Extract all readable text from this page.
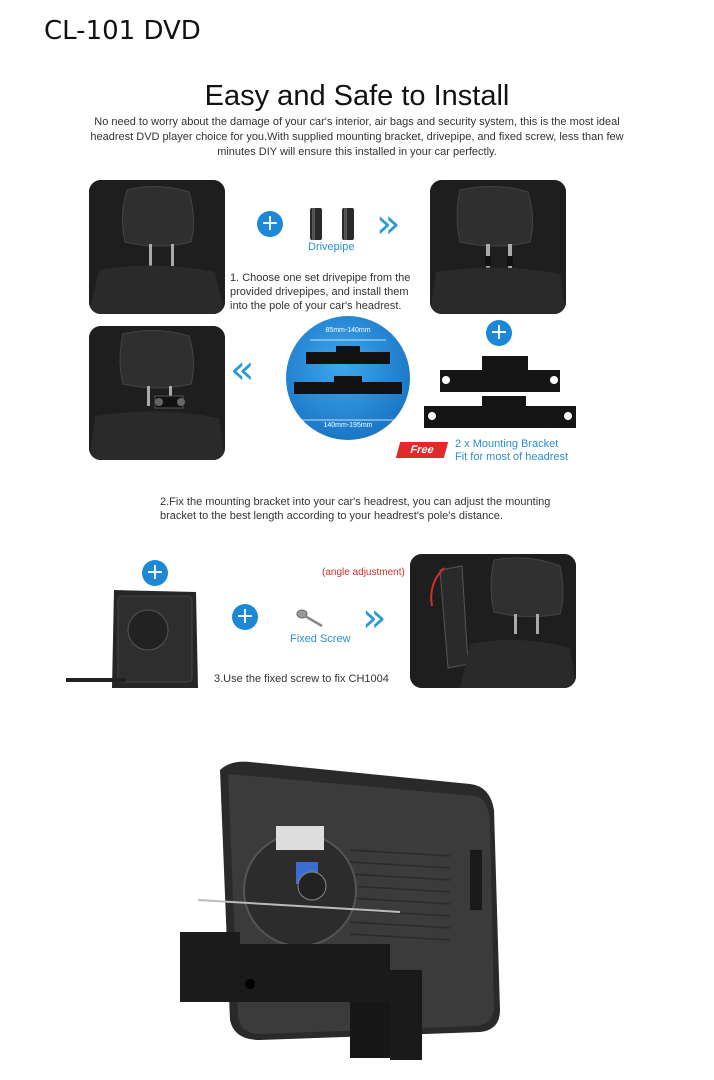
CL-101 DVD
Easy and Safe to Install
No need to worry about the damage of your car's interior, air bags and security system, this is the most ideal headrest DVD player choice for you.With supplied mounting bracket, drivepipe, and fixed screw, less than few minutes DIY will ensure this installed in your car perfectly.
+
Drivepipe »
1. Choose one set drivepipe from the provided drivepipes, and install them into the pole of your car's headrest.
«
85mm-140mm
140mm-195mm
+
Free	2 x Mounting Bracket
Fit for most of headrest
2.Fix the mounting bracket into your car's headrest, you can adjust the mounting bracket to the best length according to your headrest's pole's distance.
+
+
Fixed Screw »
3.Use the fixed screw to fix CH1004
(angle adjustment)
